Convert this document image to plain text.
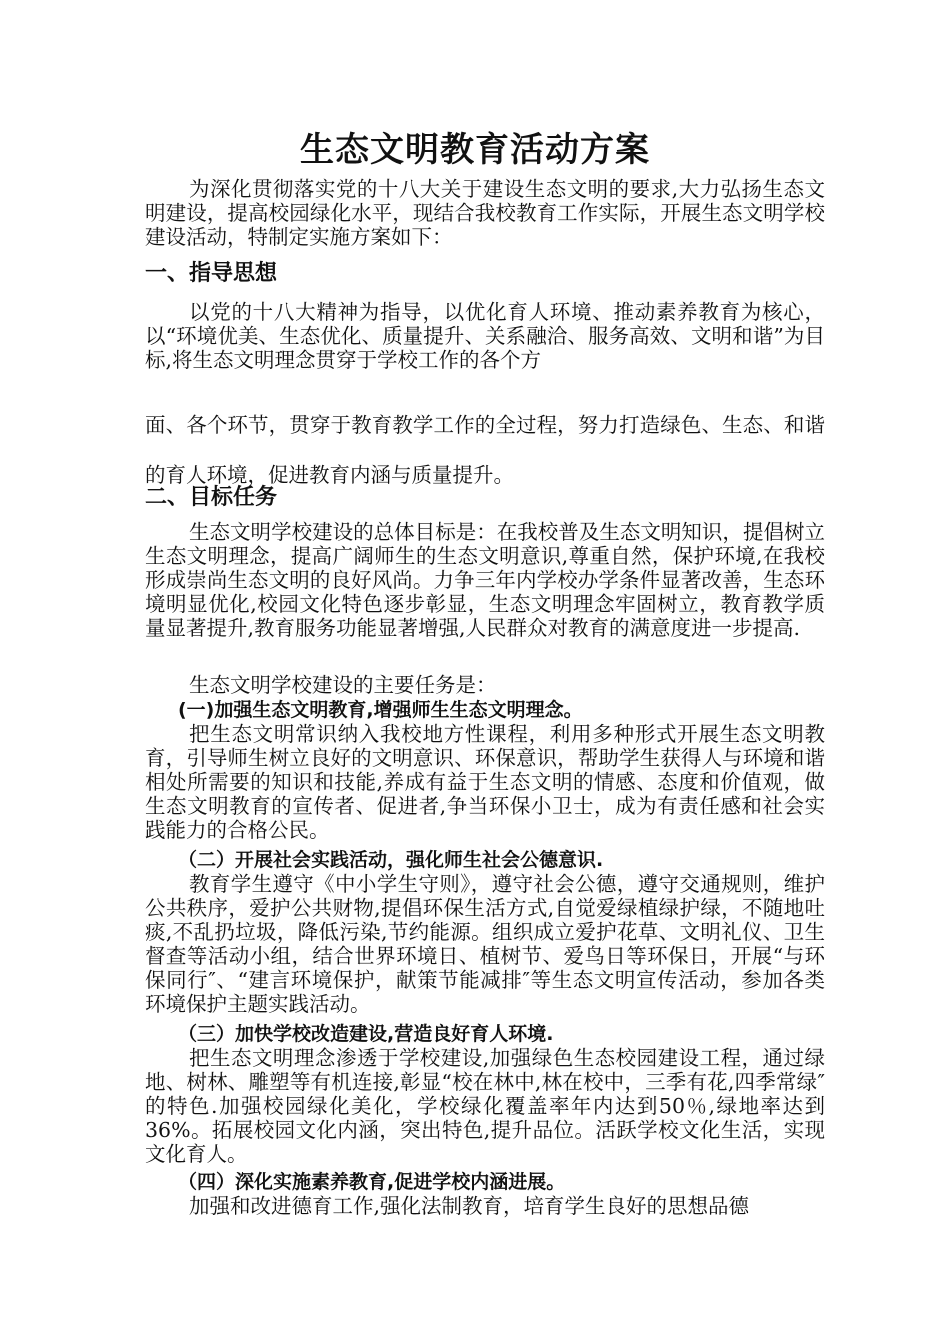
生态文明教育活动方案

为深化贯彻落实党的十八大关于建设生态文明的要求,大力弘扬生态文明建设，提高校园绿化水平，现结合我校教育工作实际，开展生态文明学校建设活动，特制定实施方案如下：

一、指导思想

以党的十八大精神为指导，以优化育人环境、推动素养教育为核心，以“环境优美、生态优化、质量提升、关系融洽、服务高效、文明和谐”为目标,将生态文明理念贯穿于学校工作的各个方

面、各个环节，贯穿于教育教学工作的全过程，努力打造绿色、生态、和谐的育人环境，促进教育内涵与质量提升。

二、目标任务

生态文明学校建设的总体目标是：在我校普及生态文明知识，提倡树立生态文明理念，提高广阔师生的生态文明意识,尊重自然，保护环境,在我校形成崇尚生态文明的良好风尚。力争三年内学校办学条件显著改善，生态环境明显优化,校园文化特色逐步彰显，生态文明理念牢固树立，教育教学质量显著提升,教育服务功能显著增强,人民群众对教育的满意度进一步提高.

生态文明学校建设的主要任务是：

(一)加强生态文明教育,增强师生生态文明理念。

把生态文明常识纳入我校地方性课程，利用多种形式开展生态文明教育，引导师生树立良好的文明意识、环保意识，帮助学生获得人与环境和谐相处所需要的知识和技能,养成有益于生态文明的情感、态度和价值观，做生态文明教育的宣传者、促进者,争当环保小卫士，成为有责任感和社会实践能力的合格公民。

（二）开展社会实践活动，强化师生社会公德意识.

教育学生遵守《中小学生守则》，遵守社会公德，遵守交通规则，维护公共秩序，爱护公共财物,提倡环保生活方式,自觉爱绿植绿护绿，不随地吐痰,不乱扔垃圾，降低污染,节约能源。组织成立爱护花草、文明礼仪、卫生督查等活动小组，结合世界环境日、植树节、爱鸟日等环保日，开展“与环保同行″、“建言环境保护，献策节能减排″等生态文明宣传活动，参加各类环境保护主题实践活动。

（三）加快学校改造建设,营造良好育人环境.

把生态文明理念渗透于学校建设,加强绿色生态校园建设工程，通过绿地、树林、雕塑等有机连接,彰显“校在林中,林在校中，三季有花,四季常绿″的特色.加强校园绿化美化，学校绿化覆盖率年内达到50％,绿地率达到36%。拓展校园文化内涵，突出特色,提升品位。活跃学校文化生活，实现文化育人。

（四）深化实施素养教育,促进学校内涵进展。

加强和改进德育工作,强化法制教育，培育学生良好的思想品德
